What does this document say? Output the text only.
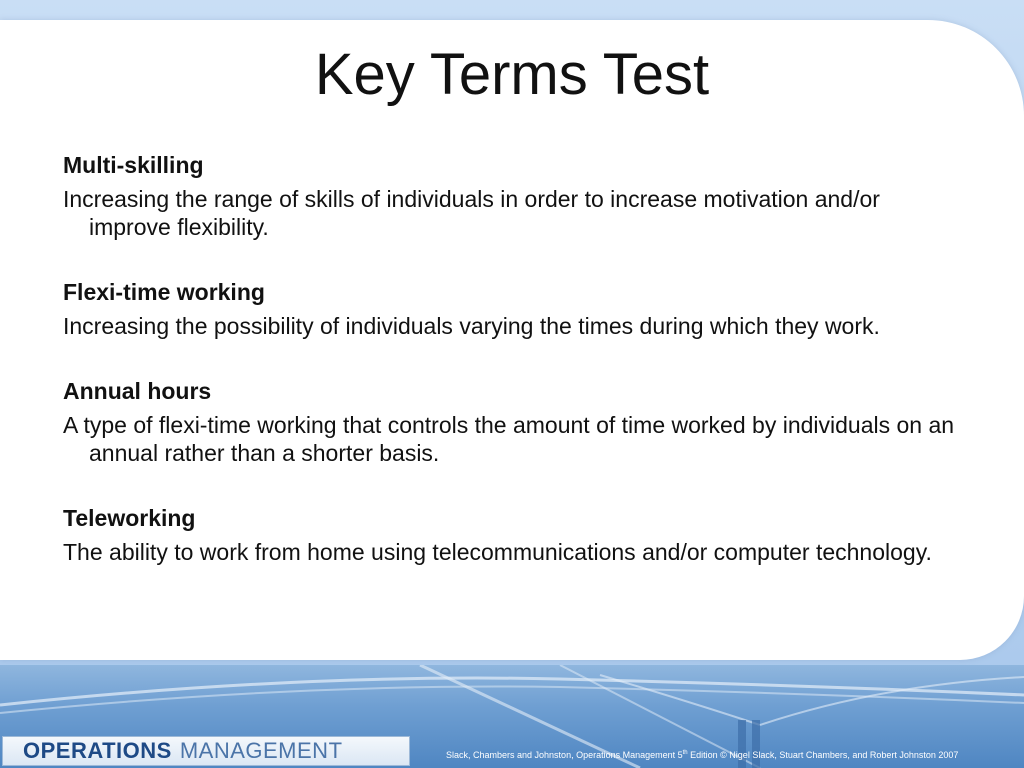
Key Terms Test
Multi-skilling
Increasing the range of skills of individuals in order to increase motivation and/or improve flexibility.
Flexi-time working
Increasing the possibility of individuals varying the times during which they work.
Annual hours
A type of flexi-time working that controls the amount of time worked by individuals on an annual rather than a shorter basis.
Teleworking
The ability to work from home using telecommunications and/or computer technology.
OPERATIONS MANAGEMENT	Slack, Chambers and Johnston, Operations Management 5th Edition © Nigel Slack, Stuart Chambers, and Robert Johnston 2007
